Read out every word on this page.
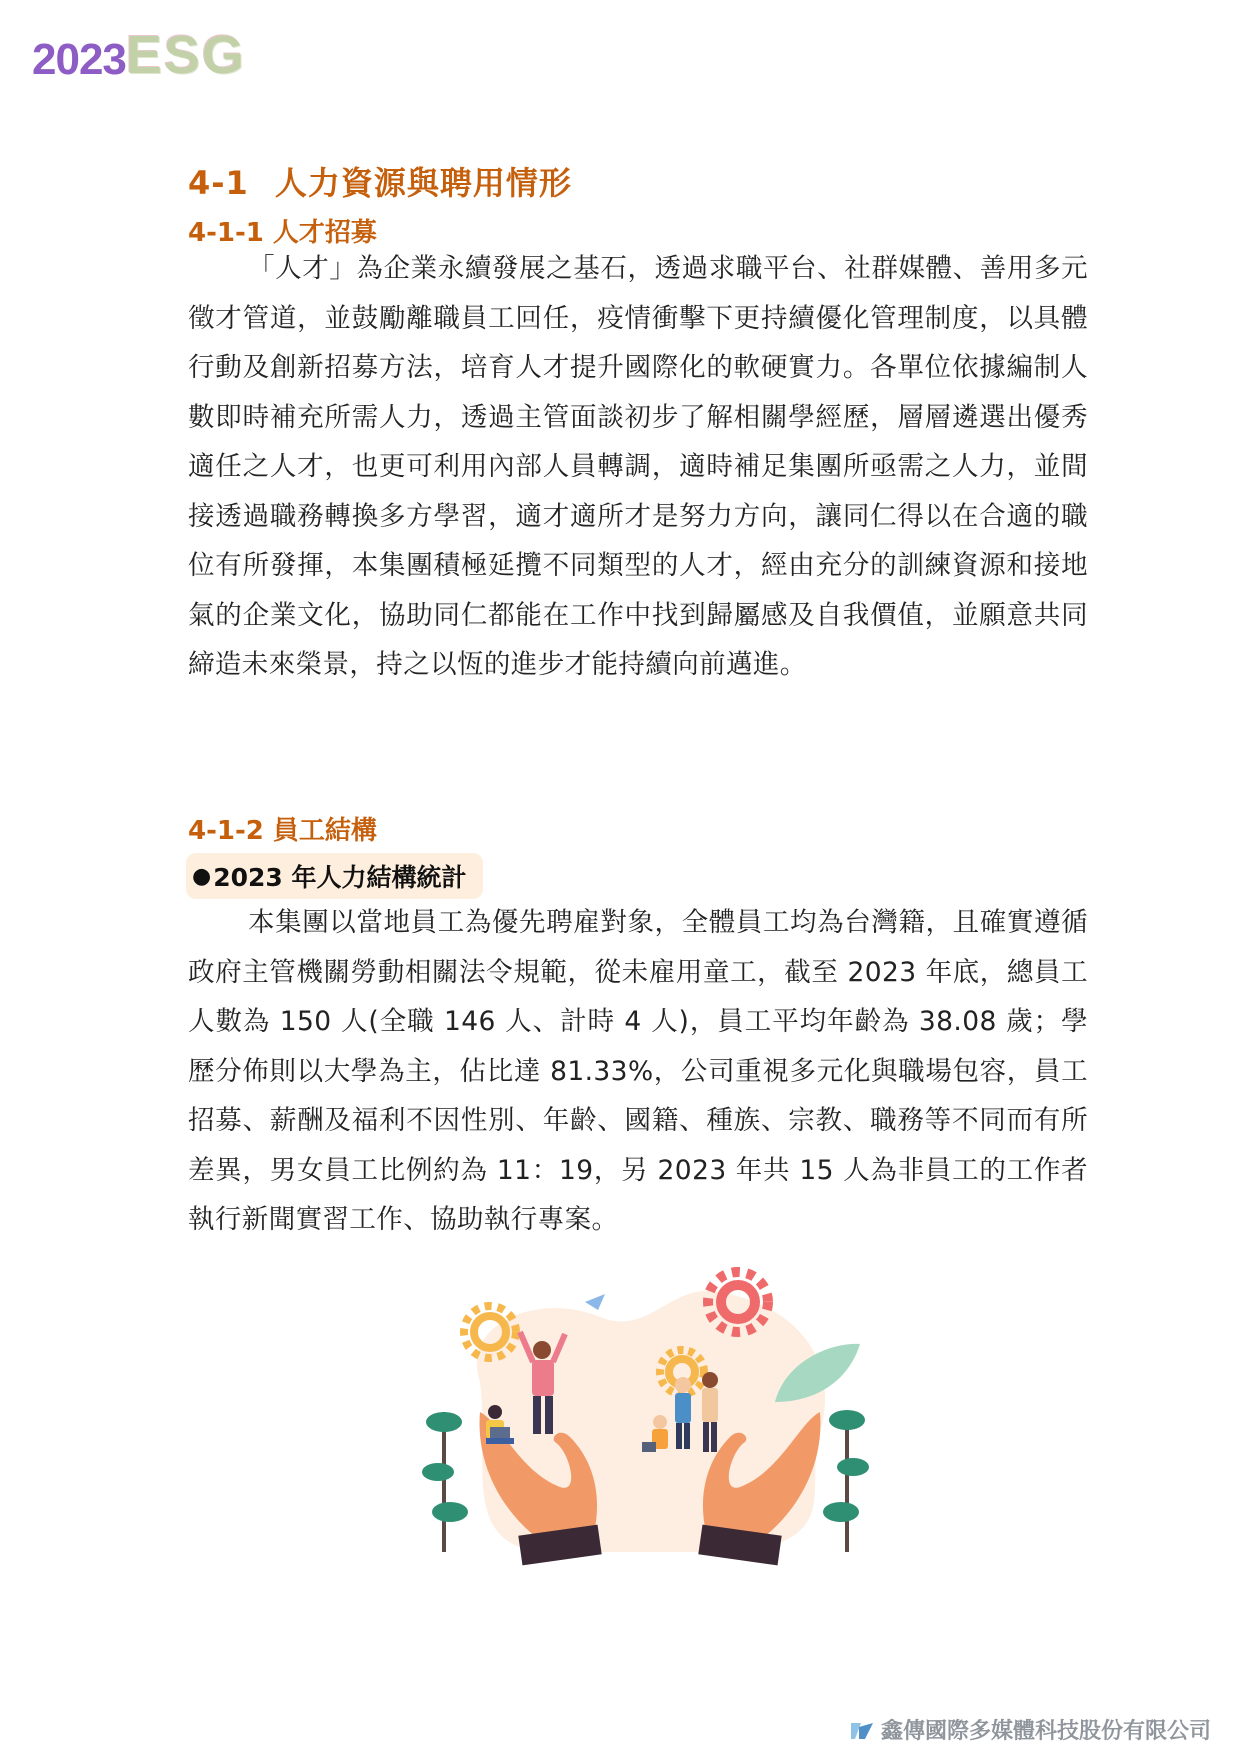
2023 ESG
4-1 人力資源與聘用情形
4-1-1 人才招募
「人才」為企業永續發展之基石，透過求職平台、社群媒體、善用多元徵才管道，並鼓勵離職員工回任，疫情衝擊下更持續優化管理制度，以具體行動及創新招募方法，培育人才提升國際化的軟硬實力。各單位依據編制人數即時補充所需人力，透過主管面談初步了解相關學經歷，層層遴選出優秀適任之人才，也更可利用內部人員轉調，適時補足集團所亟需之人力，並間接透過職務轉換多方學習，適才適所才是努力方向，讓同仁得以在合適的職位有所發揮，本集團積極延攬不同類型的人才，經由充分的訓練資源和接地氣的企業文化，協助同仁都能在工作中找到歸屬感及自我價值，並願意共同締造未來榮景，持之以恆的進步才能持續向前邁進。
4-1-2 員工結構
● 2023 年人力結構統計
本集團以當地員工為優先聘雇對象，全體員工均為台灣籍，且確實遵循政府主管機關勞動相關法令規範，從未雇用童工，截至 2023 年底，總員工人數為 150 人(全職 146 人、計時 4 人)，員工平均年齡為 38.08 歲；學歷分佈則以大學為主，佔比達 81.33%，公司重視多元化與職場包容，員工招募、薪酬及福利不因性別、年齡、國籍、種族、宗教、職務等不同而有所差異，男女員工比例約為 11：19，另 2023 年共 15 人為非員工的工作者執行新聞實習工作、協助執行專案。
鑫傳國際多媒體科技股份有限公司
